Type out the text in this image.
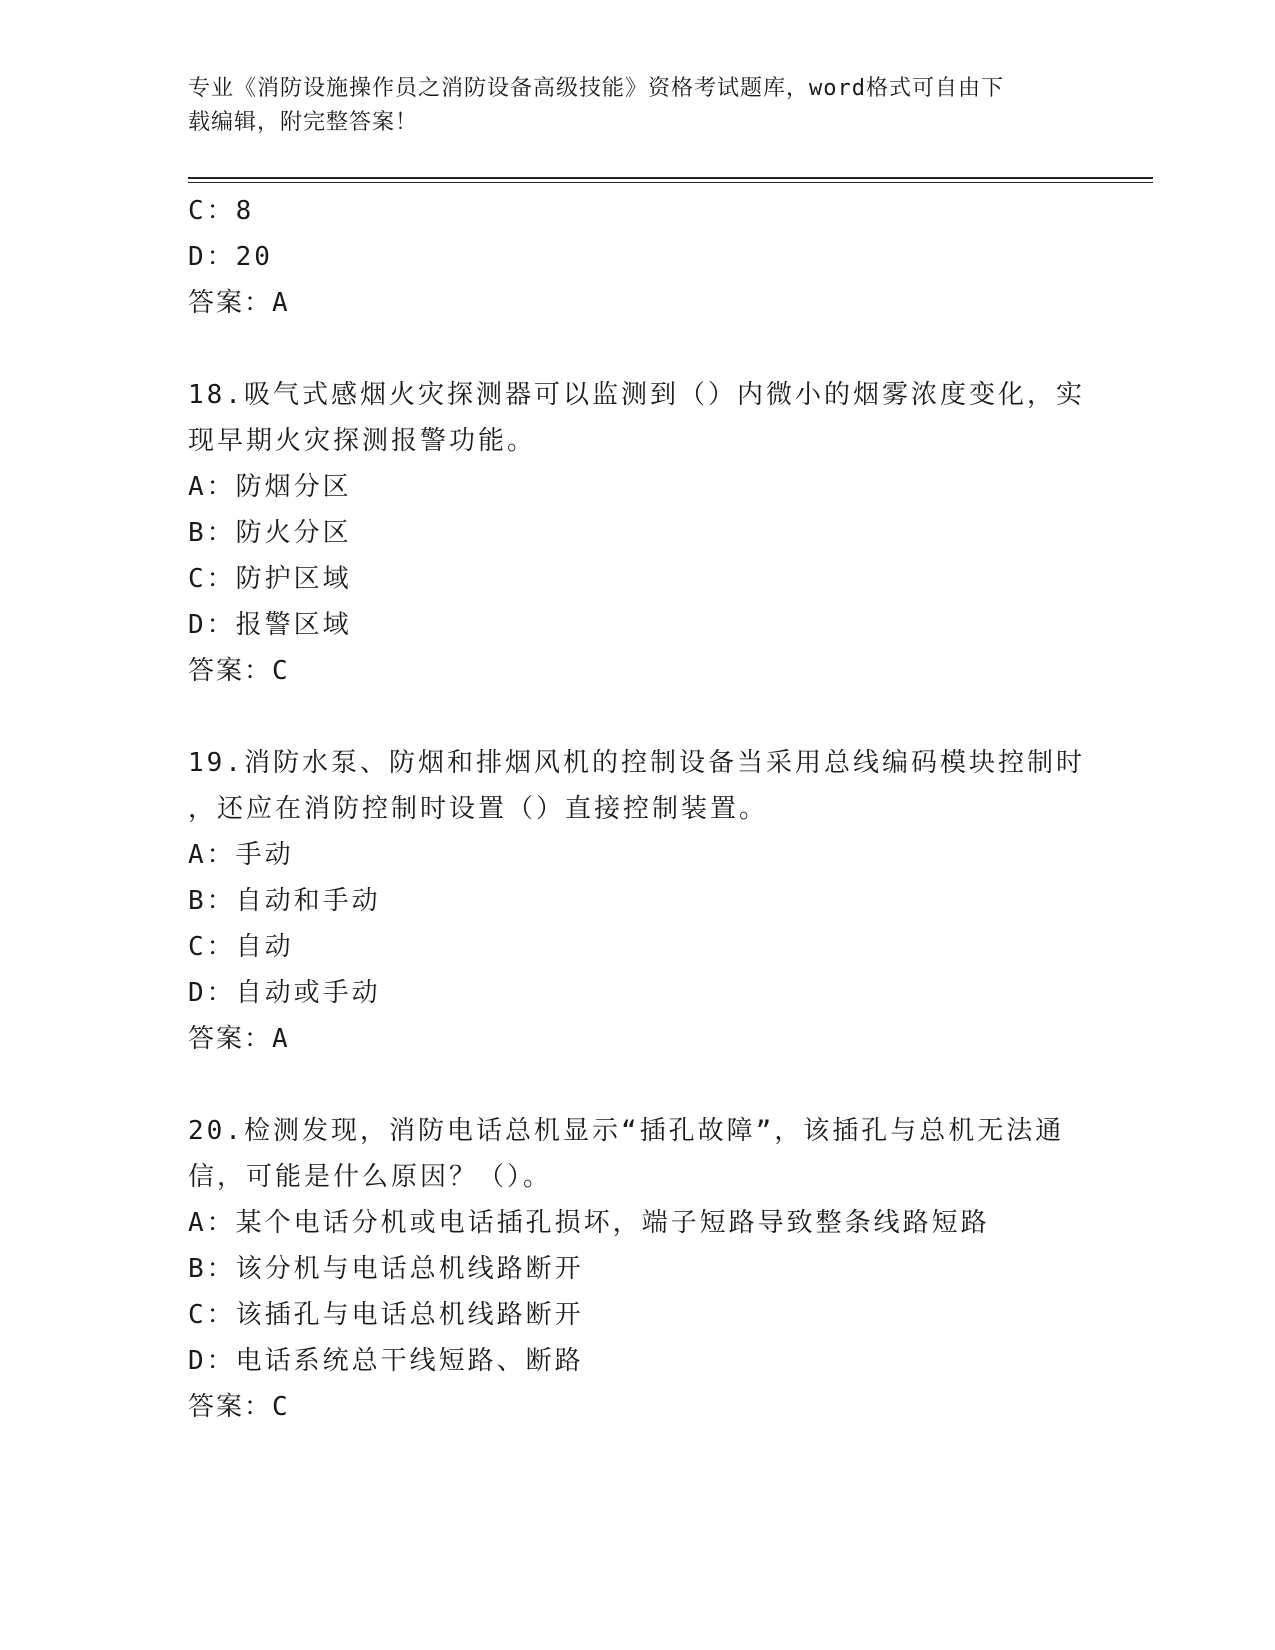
专业《消防设施操作员之消防设备高级技能》资格考试题库，word格式可自由下
载编辑，附完整答案！
C：8
D：20
答案：A
18.吸气式感烟火灾探测器可以监测到（）内微小的烟雾浓度变化，实
现早期火灾探测报警功能。
A：防烟分区
B：防火分区
C：防护区域
D：报警区域
答案：C
19.消防水泵、防烟和排烟风机的控制设备当采用总线编码模块控制时
，还应在消防控制时设置（）直接控制装置。
A：手动
B：自动和手动
C：自动
D：自动或手动
答案：A
20.检测发现，消防电话总机显示“插孔故障”，该插孔与总机无法通
信，可能是什么原因？（）。
A：某个电话分机或电话插孔损坏，端子短路导致整条线路短路
B：该分机与电话总机线路断开
C：该插孔与电话总机线路断开
D：电话系统总干线短路、断路
答案：C
